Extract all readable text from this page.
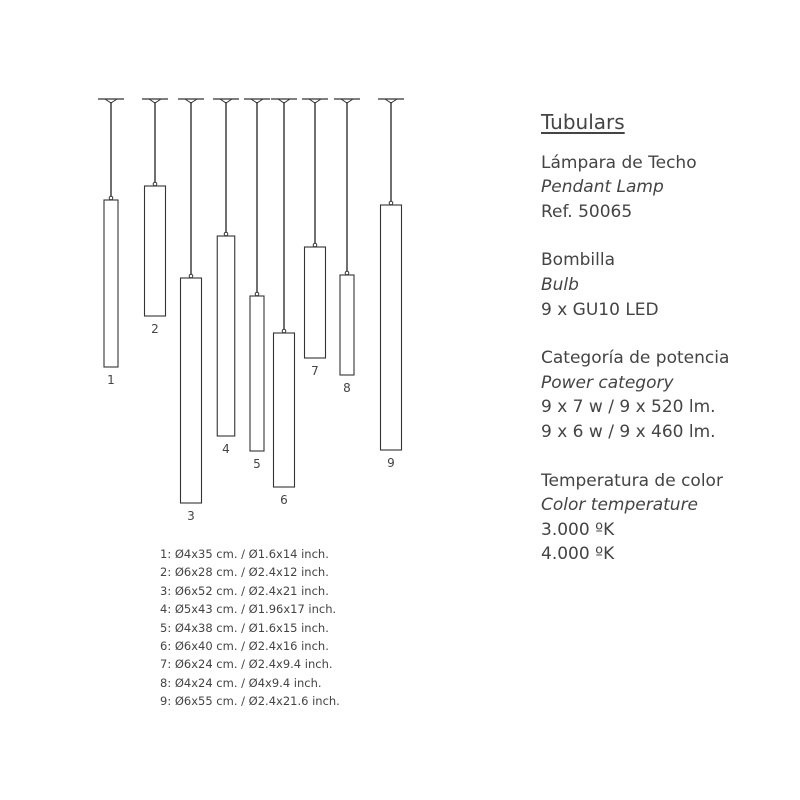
1
2
3
4
5
6
7
8
9
1: Ø4x35 cm. / Ø1.6x14 inch.
2: Ø6x28 cm. / Ø2.4x12 inch.
3: Ø6x52 cm. / Ø2.4x21 inch.
4: Ø5x43 cm. / Ø1.96x17 inch.
5: Ø4x38 cm. / Ø1.6x15 inch.
6: Ø6x40 cm. / Ø2.4x16 inch.
7: Ø6x24 cm. / Ø2.4x9.4 inch.
8: Ø4x24 cm. / Ø4x9.4 inch.
9: Ø6x55 cm. / Ø2.4x21.6 inch.
Tubulars
Lámpara de Techo
Pendant Lamp
Ref. 50065
Bombilla
Bulb
9 x GU10 LED
Categoría de potencia
Power category
9 x 7 w / 9 x 520 lm.
9 x 6 w / 9 x 460 lm.
Temperatura de color
Color temperature
3.000 ºK
4.000 ºK
